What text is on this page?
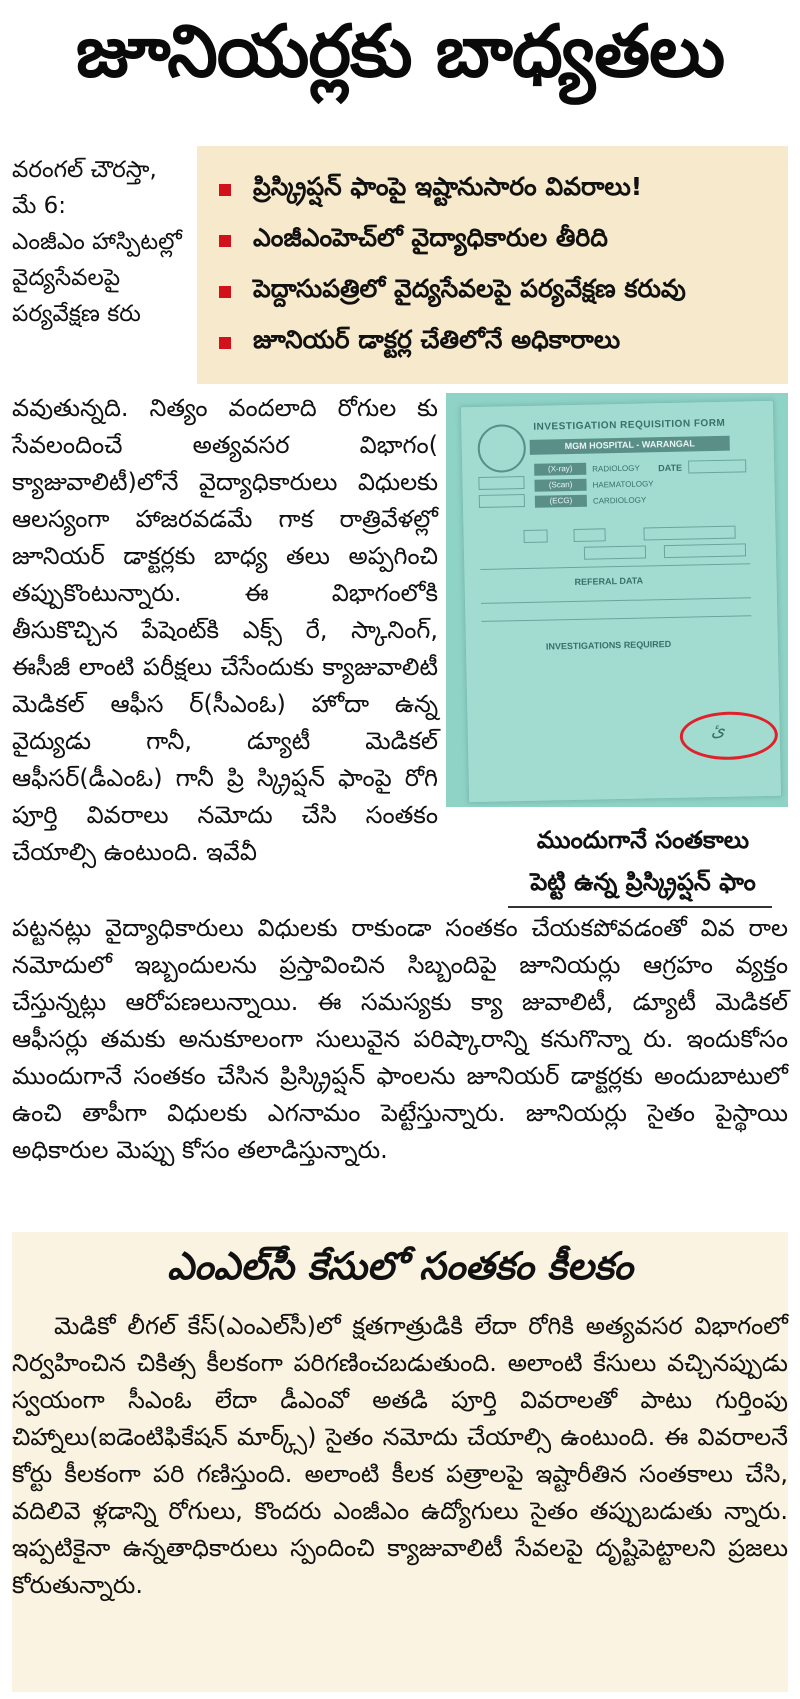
జూనియర్లకు బాధ్యతలు

వరంగల్ చౌరస్తా, మే 6:

ఎంజీఎం హాస్పిటల్లో వైద్యసేవలపై పర్యవేక్షణ కరు

ప్రిస్క్రిప్షన్ ఫాంపై ఇష్టానుసారం వివరాలు!
ఎంజీఎంహెచ్‌లో వైద్యాధికారుల తీరిది
పెద్దాసుపత్రిలో వైద్యసేవలపై పర్యవేక్షణ కరువు
జూనియర్ డాక్టర్ల చేతిలోనే అధికారాలు

వవుతున్నది. నిత్యం వందలాది రోగుల కు సేవలందించే అత్యవసర విభాగం( క్యాజువాలిటీ)లోనే వైద్యాధికారులు విధులకు ఆలస్యంగా హాజరవడమే గాక రాత్రివేళల్లో జూనియర్ డాక్టర్లకు బాధ్య తలు అప్పగించి తప్పుకొంటున్నారు. ఈ విభాగంలోకి తీసుకొచ్చిన పేషెంట్‌కి ఎక్స్ రే, స్కానింగ్, ఈసీజీ లాంటి పరీక్షలు చేసేందుకు క్యాజువాలిటీ మెడికల్ ఆఫీస ర్(సీఎంఓ) హోదా ఉన్న వైద్యుడు గానీ, డ్యూటీ మెడికల్ ఆఫీసర్(డీఎంఓ) గానీ ప్రి స్క్రిప్షన్ ఫాంపై రోగి పూర్తి వివరాలు నమోదు చేసి సంతకం చేయాల్సి ఉంటుంది. ఇవేవీ

INVESTIGATION REQUISITION FORM
MGM HOSPITAL - WARANGAL
(X-ray)	RADIOLOGY
(Scan)	HAEMATOLOGY
(ECG)	CARDIOLOGY
DATE
REFERAL DATA
INVESTIGATIONS REQUIRED
ئ
ముందుగానే సంతకాలు
పెట్టి ఉన్న ప్రిస్క్రిప్షన్ ఫాం

పట్టనట్లు వైద్యాధికారులు విధులకు రాకుండా సంతకం చేయకపోవడంతో వివ రాల నమోదులో ఇబ్బందులను ప్రస్తావించిన సిబ్బందిపై జూనియర్లు ఆగ్రహం వ్యక్తం చేస్తున్నట్లు ఆరోపణలున్నాయి. ఈ సమస్యకు క్యా జువాలిటీ, డ్యూటీ మెడికల్ ఆఫీసర్లు తమకు అనుకూలంగా సులువైన పరిష్కారాన్ని కనుగొన్నా రు. ఇందుకోసం ముందుగానే సంతకం చేసిన ప్రిస్క్రిప్షన్ ఫాంలను జూనియర్ డాక్టర్లకు అందుబాటులో ఉంచి తాపీగా విధులకు ఎగనామం పెట్టేస్తున్నారు. జూనియర్లు సైతం పైస్థాయి అధికారుల మెప్పు కోసం తలాడిస్తున్నారు.

ఎంఎల్‌సీ కేసులో సంతకం కీలకం

మెడికో లీగల్ కేస్(ఎంఎల్‌సీ)లో క్షతగాత్రుడికి లేదా రోగికి అత్యవసర విభాగంలో నిర్వహించిన చికిత్స కీలకంగా పరిగణించబడుతుంది. అలాంటి కేసులు వచ్చినప్పుడు స్వయంగా సీఎంఓ లేదా డీఎంవో అతడి పూర్తి వివరాలతో పాటు గుర్తింపు చిహ్నాలు(ఐడెంటిఫికేషన్ మార్క్స్) సైతం నమోదు చేయాల్సి ఉంటుంది. ఈ వివరాలనే కోర్టు కీలకంగా పరి గణిస్తుంది. అలాంటి కీలక పత్రాలపై ఇష్టారీతిన సంతకాలు చేసి, వదిలివె ళ్లడాన్ని రోగులు, కొందరు ఎంజీఎం ఉద్యోగులు సైతం తప్పుబడుతు న్నారు. ఇప్పటికైనా ఉన్నతాధికారులు స్పందించి క్యాజువాలిటీ సేవలపై దృష్టిపెట్టాలని ప్రజలు కోరుతున్నారు.
